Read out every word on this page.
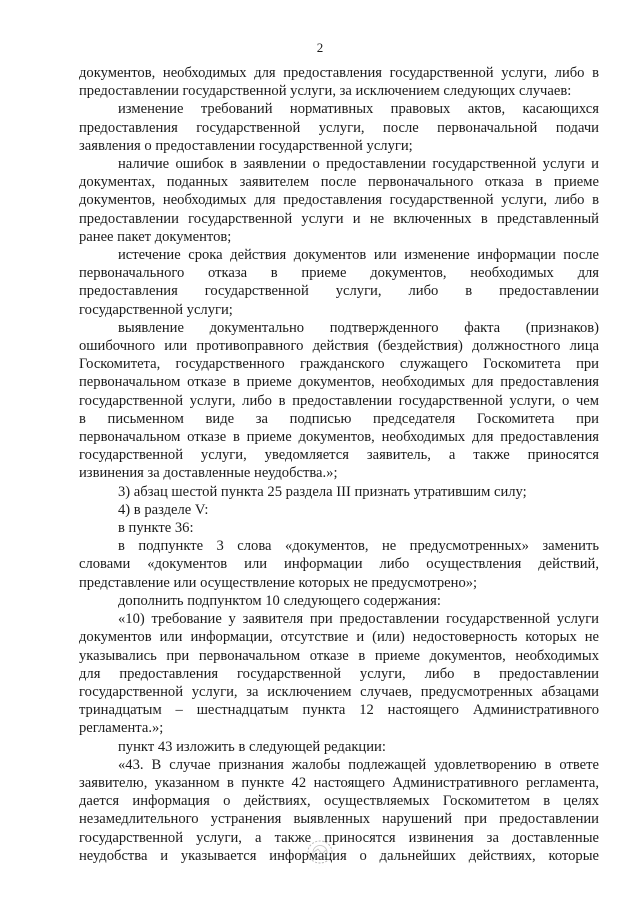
2
документов, необходимых для предоставления государственной услуги, либо в
предоставлении государственной услуги, за исключением следующих случаев:
изменение требований нормативных правовых актов, касающихся
предоставления государственной услуги, после первоначальной подачи
заявления о предоставлении государственной услуги;
наличие ошибок в заявлении о предоставлении государственной услуги и
документах, поданных заявителем после первоначального отказа в приеме
документов, необходимых для предоставления государственной услуги, либо в
предоставлении государственной услуги и не включенных в представленный
ранее пакет документов;
истечение срока действия документов или изменение информации после
первоначального отказа в приеме документов, необходимых для
предоставления государственной услуги, либо в предоставлении
государственной услуги;
выявление документально подтвержденного факта (признаков)
ошибочного или противоправного действия (бездействия) должностного лица
Госкомитета, государственного гражданского служащего Госкомитета при
первоначальном отказе в приеме документов, необходимых для предоставления
государственной услуги, либо в предоставлении государственной услуги, о чем
в письменном виде за подписью председателя Госкомитета при
первоначальном отказе в приеме документов, необходимых для предоставления
государственной услуги, уведомляется заявитель, а также приносятся
извинения за доставленные неудобства.»;
3) абзац шестой пункта 25 раздела III признать утратившим силу;
4) в разделе V:
в пункте 36:
в подпункте 3 слова «документов, не предусмотренных» заменить
словами «документов или информации либо осуществления действий,
представление или осуществление которых не предусмотрено»;
дополнить подпунктом 10 следующего содержания:
«10) требование у заявителя при предоставлении государственной услуги
документов или информации, отсутствие и (или) недостоверность которых не
указывались при первоначальном отказе в приеме документов, необходимых
для предоставления государственной услуги, либо в предоставлении
государственной услуги, за исключением случаев, предусмотренных абзацами
тринадцатым – шестнадцатым пункта 12 настоящего Административного
регламента.»;
пункт 43 изложить в следующей редакции:
«43. В случае признания жалобы подлежащей удовлетворению в ответе
заявителю, указанном в пункте 42 настоящего Административного регламента,
дается информация о действиях, осуществляемых Госкомитетом в целях
незамедлительного устранения выявленных нарушений при предоставлении
государственной услуги, а также приносятся извинения за доставленные
неудобства и указывается информация о дальнейших действиях, которые
